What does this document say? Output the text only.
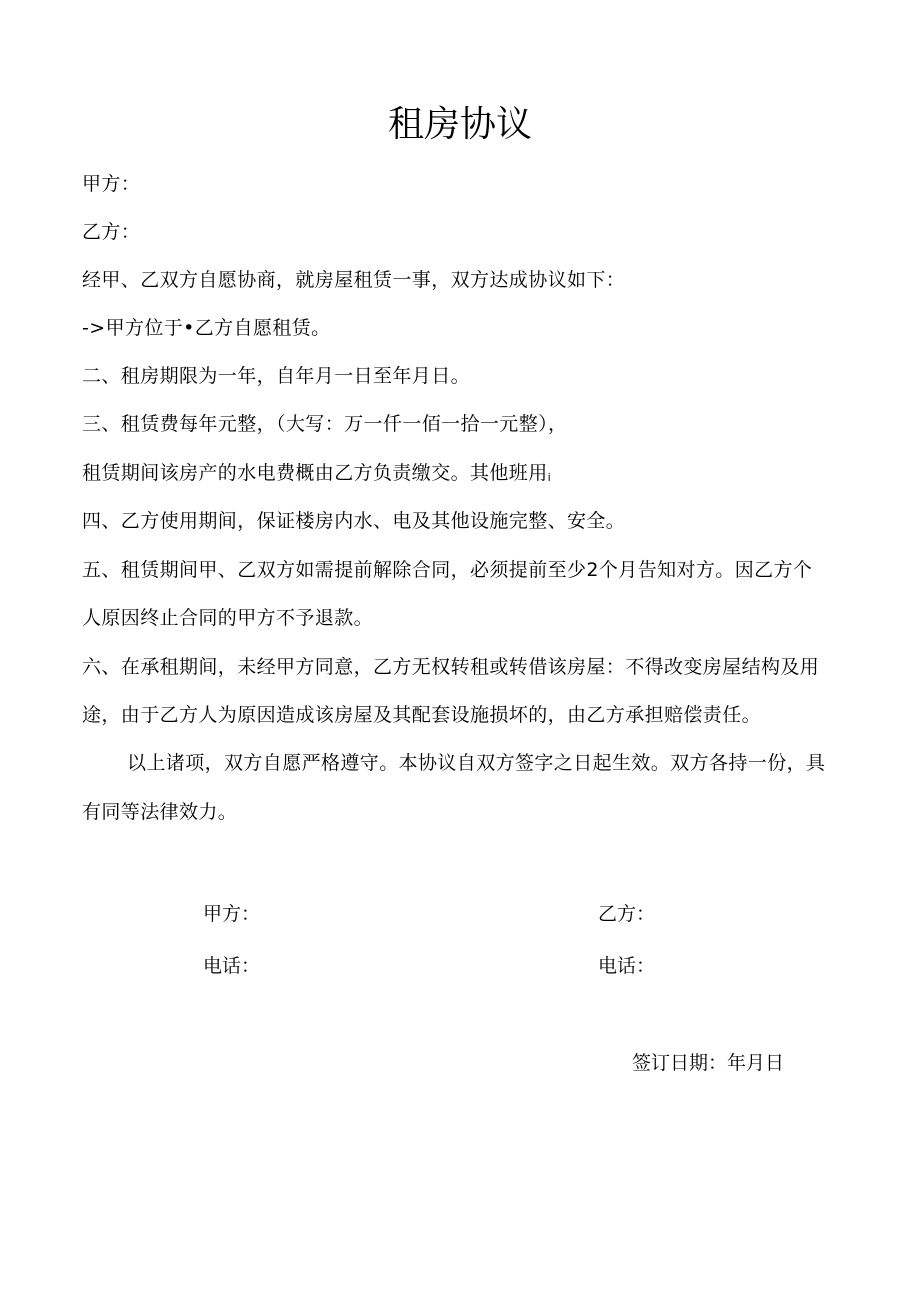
租房协议
甲方：
乙方：
经甲、乙双方自愿协商，就房屋租赁一事，双方达成协议如下：
->甲方位于•乙方自愿租赁。
二、租房期限为一年，自年月一日至年月日。
三、租赁费每年元整，（大写：万一仟一佰一拾一元整），
租赁期间该房产的水电费概由乙方负责缴交。其他班用i
四、乙方使用期间，保证楼房内水、电及其他设施完整、安全。
五、租赁期间甲、乙双方如需提前解除合同，必须提前至少2个月告知对方。因乙方个
人原因终止合同的甲方不予退款。
六、在承租期间，未经甲方同意，乙方无权转租或转借该房屋：不得改变房屋结构及用
途，由于乙方人为原因造成该房屋及其配套设施损坏的，由乙方承担赔偿责任。
以上诸项，双方自愿严格遵守。本协议自双方签字之日起生效。双方各持一份，具
有同等法律效力。
甲方：	乙方：
电话：	电话：
签订日期：年月日
